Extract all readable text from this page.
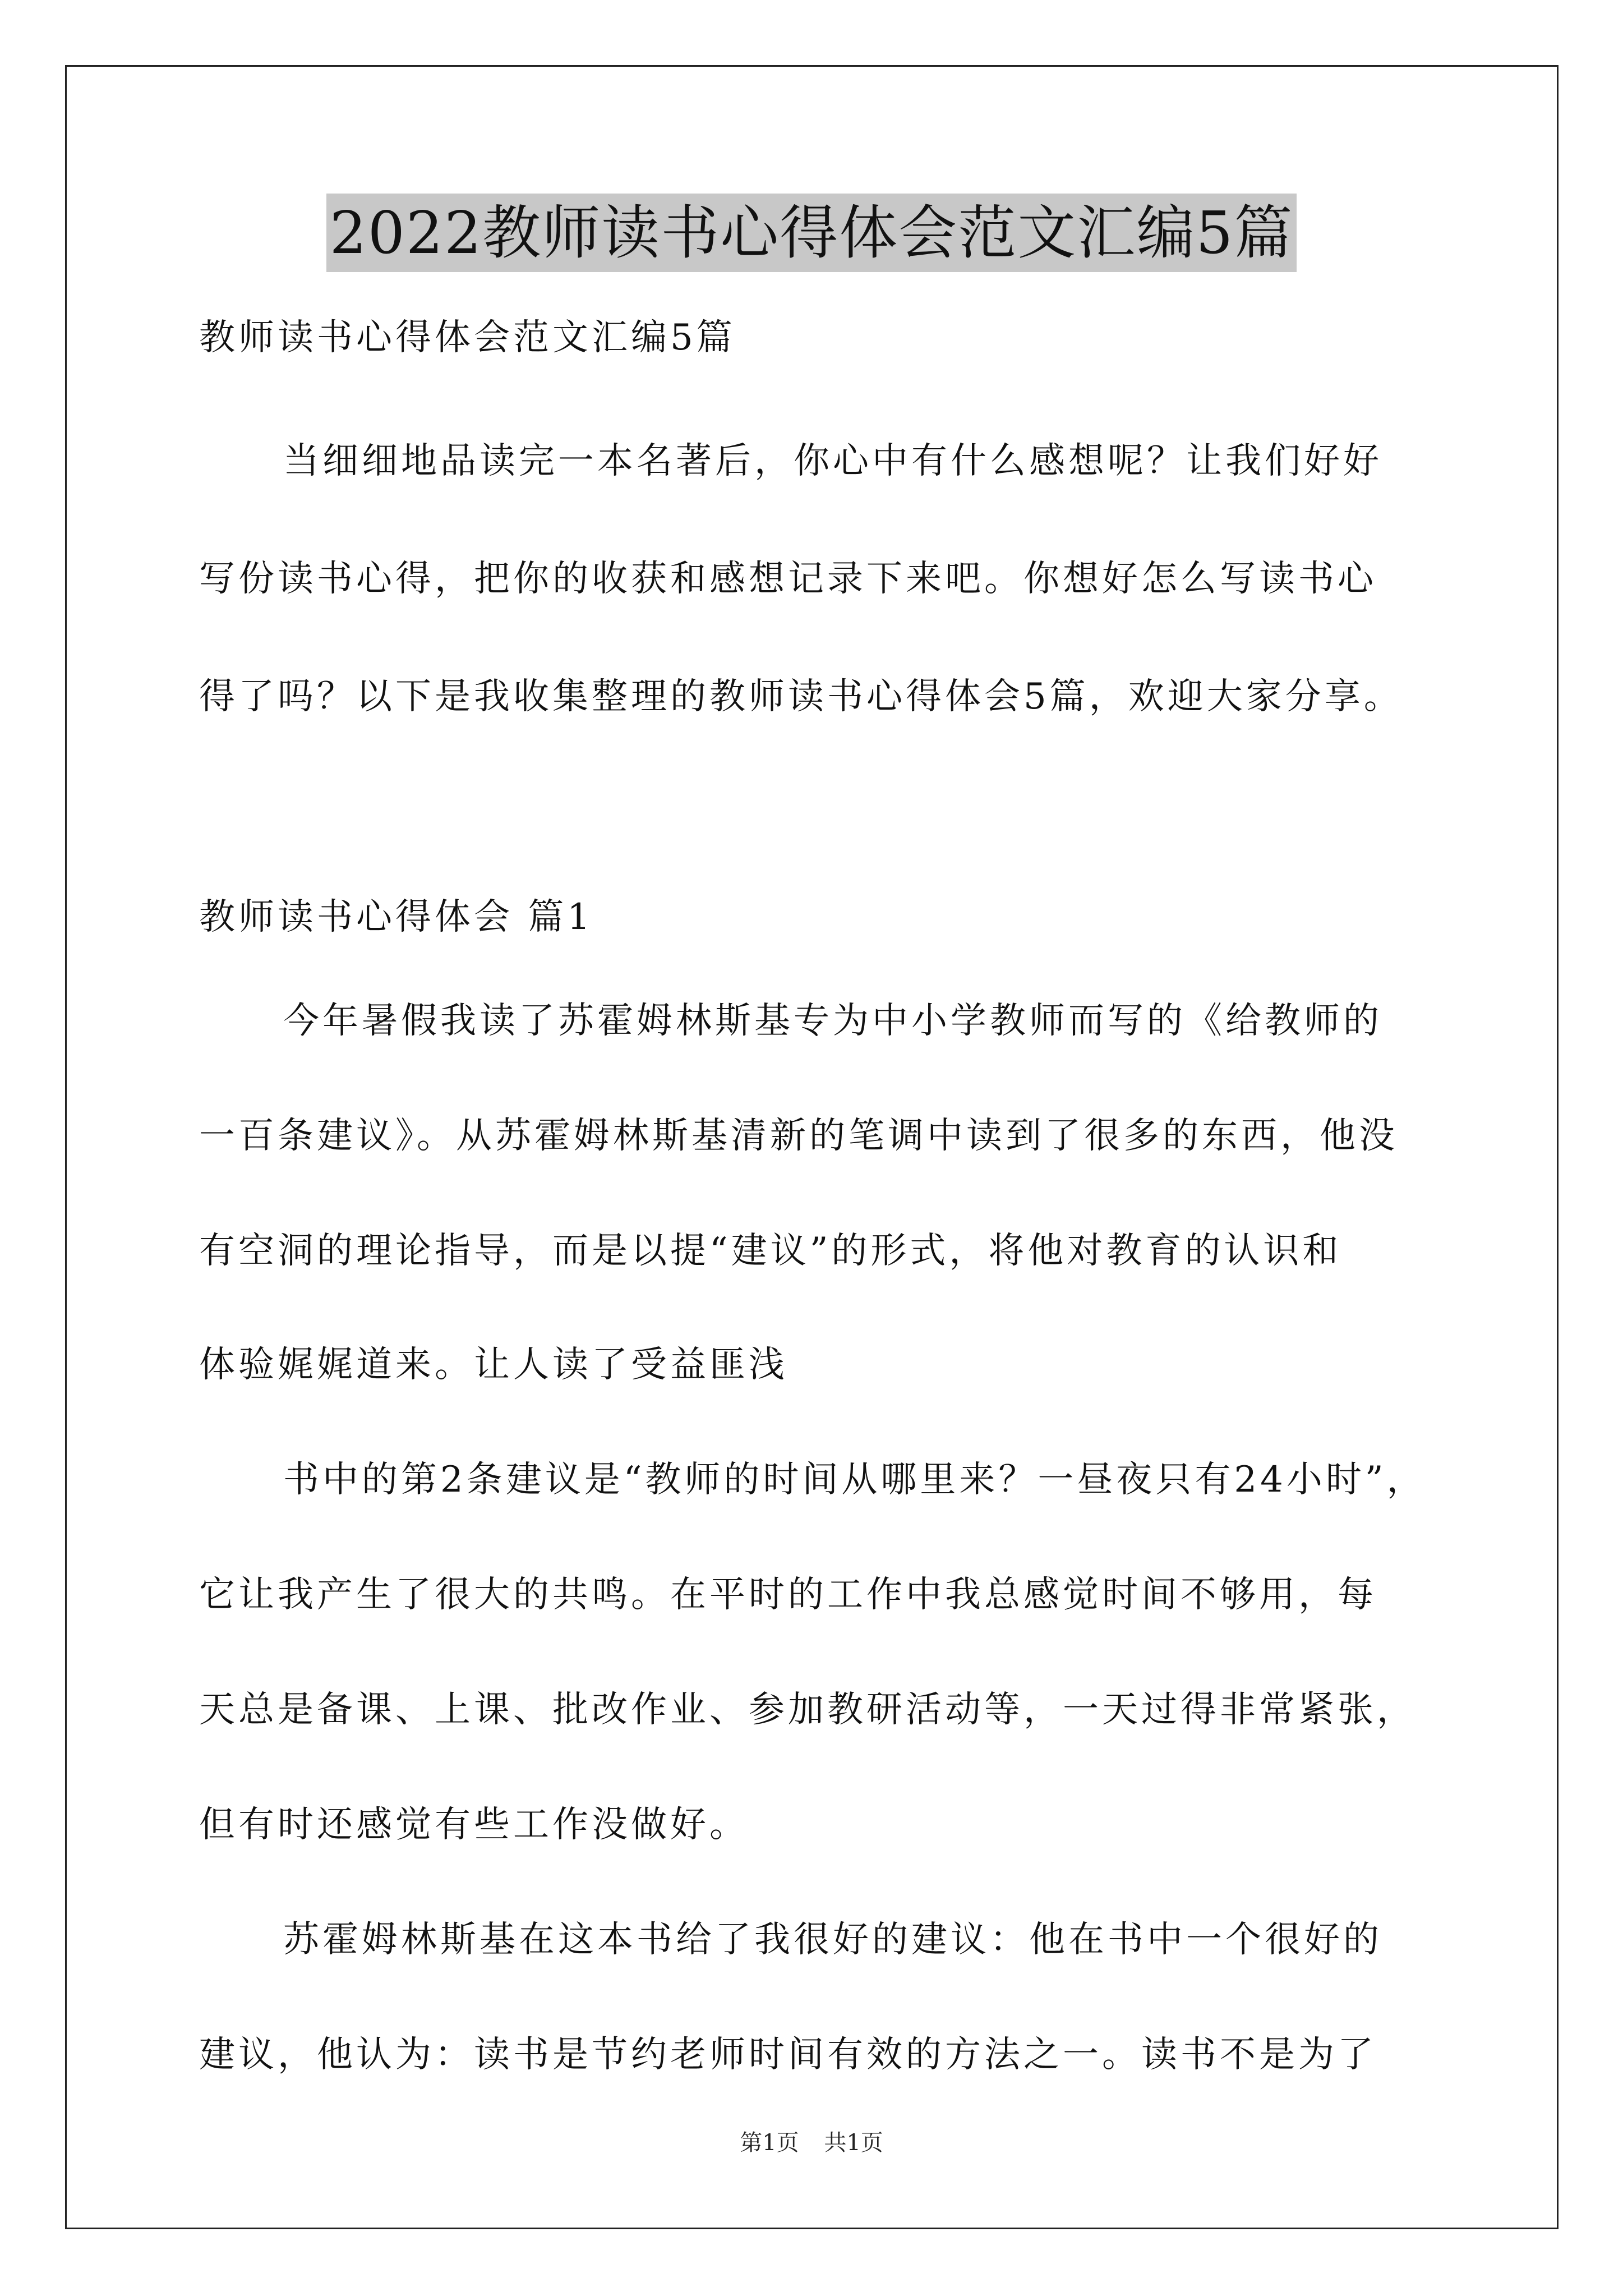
2022教师读书心得体会范文汇编5篇
教师读书心得体会范文汇编5篇
当细细地品读完一本名著后，你心中有什么感想呢？让我们好好
写份读书心得，把你的收获和感想记录下来吧。你想好怎么写读书心
得了吗？以下是我收集整理的教师读书心得体会5篇，欢迎大家分享。
教师读书心得体会 篇1
今年暑假我读了苏霍姆林斯基专为中小学教师而写的《给教师的
一百条建议》。从苏霍姆林斯基清新的笔调中读到了很多的东西，他没
有空洞的理论指导，而是以提“建议”的形式，将他对教育的认识和
体验娓娓道来。让人读了受益匪浅
书中的第2条建议是“教师的时间从哪里来？一昼夜只有24小时”，
它让我产生了很大的共鸣。在平时的工作中我总感觉时间不够用，每
天总是备课、上课、批改作业、参加教研活动等，一天过得非常紧张，
但有时还感觉有些工作没做好。
苏霍姆林斯基在这本书给了我很好的建议：他在书中一个很好的
建议，他认为：读书是节约老师时间有效的方法之一。读书不是为了
第1页 共1页
